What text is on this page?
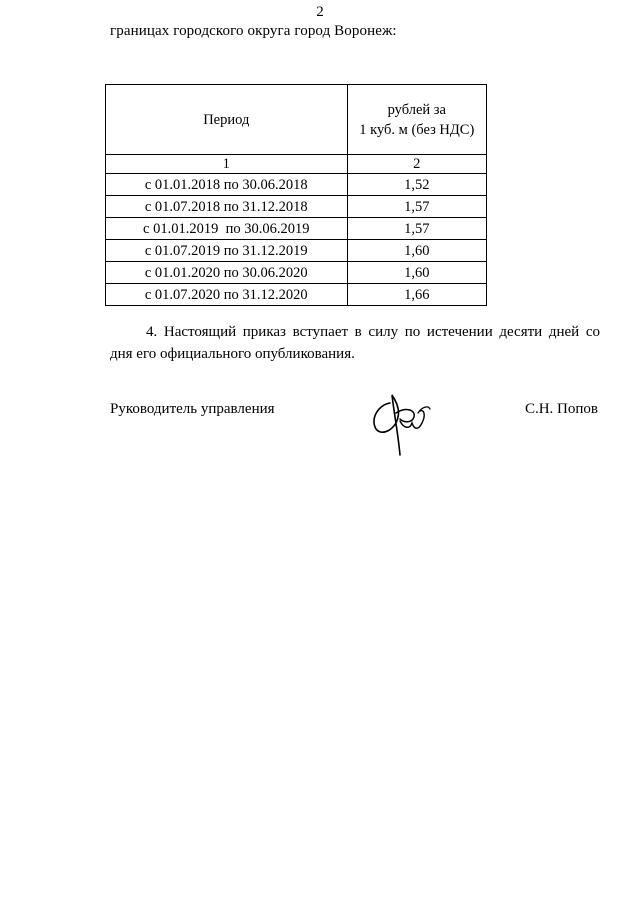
2
границах городского округа город Воронеж:
Период	рублей за
1 куб. м (без НДС)

1	2
с 01.01.2018 по 30.06.2018	1,52
с 01.07.2018 по 31.12.2018	1,57
с 01.01.2019  по 30.06.2019	1,57
с 01.07.2019 по 31.12.2019	1,60
с 01.01.2020 по 30.06.2020	1,60
с 01.07.2020 по 31.12.2020	1,66
4. Настоящий приказ вступает в силу по истечении десяти дней со
дня его официального опубликования.
Руководитель управления	С.Н. Попов
